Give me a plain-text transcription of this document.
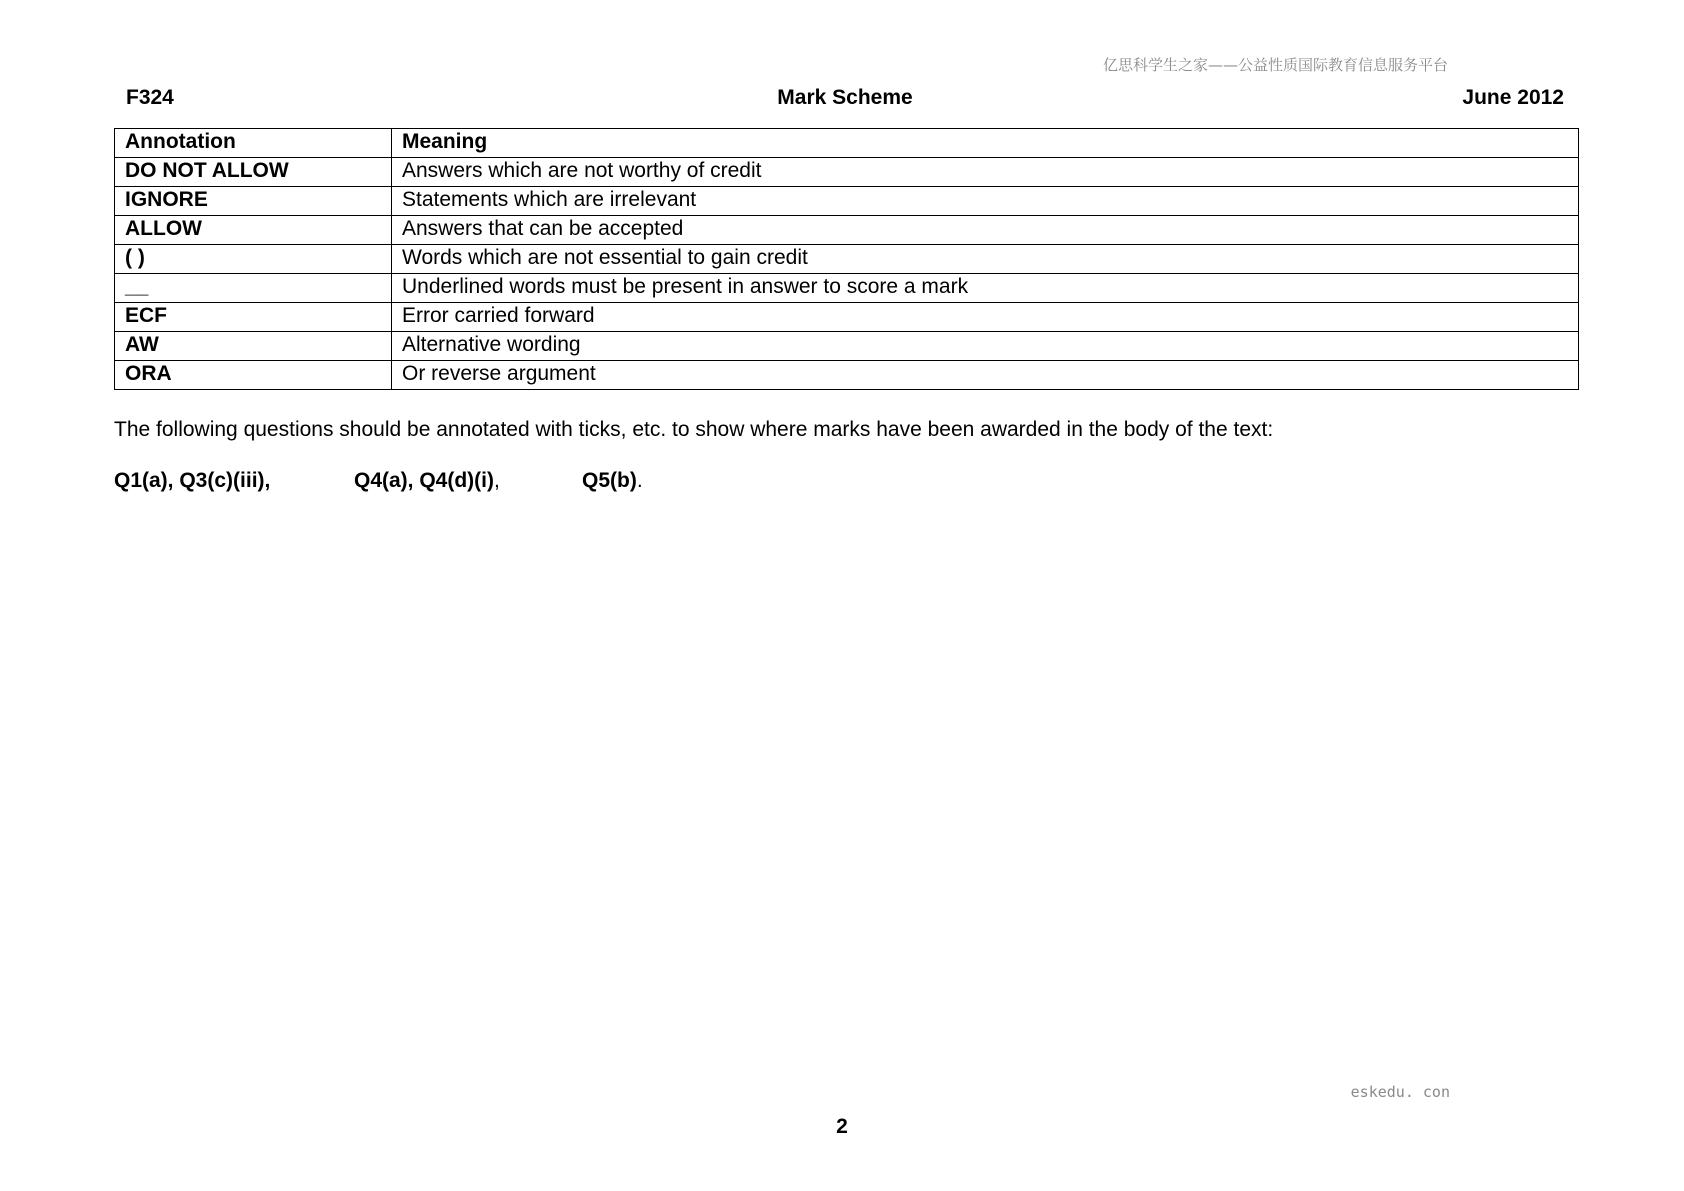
亿思科学生之家——公益性质国际教育信息服务平台
F324	Mark Scheme	June 2012
Annotation	Meaning
DO NOT ALLOW	Answers which are not worthy of credit
IGNORE	Statements which are irrelevant
ALLOW	Answers that can be accepted
( )	Words which are not essential to gain credit
__	Underlined words must be present in answer to score a mark
ECF	Error carried forward
AW	Alternative wording
ORA	Or reverse argument
The following questions should be annotated with ticks, etc. to show where marks have been awarded in the body of the text:
Q1(a), Q3(c)(iii),	Q4(a), Q4(d)(i),	Q5(b).
eskedu. con
2
